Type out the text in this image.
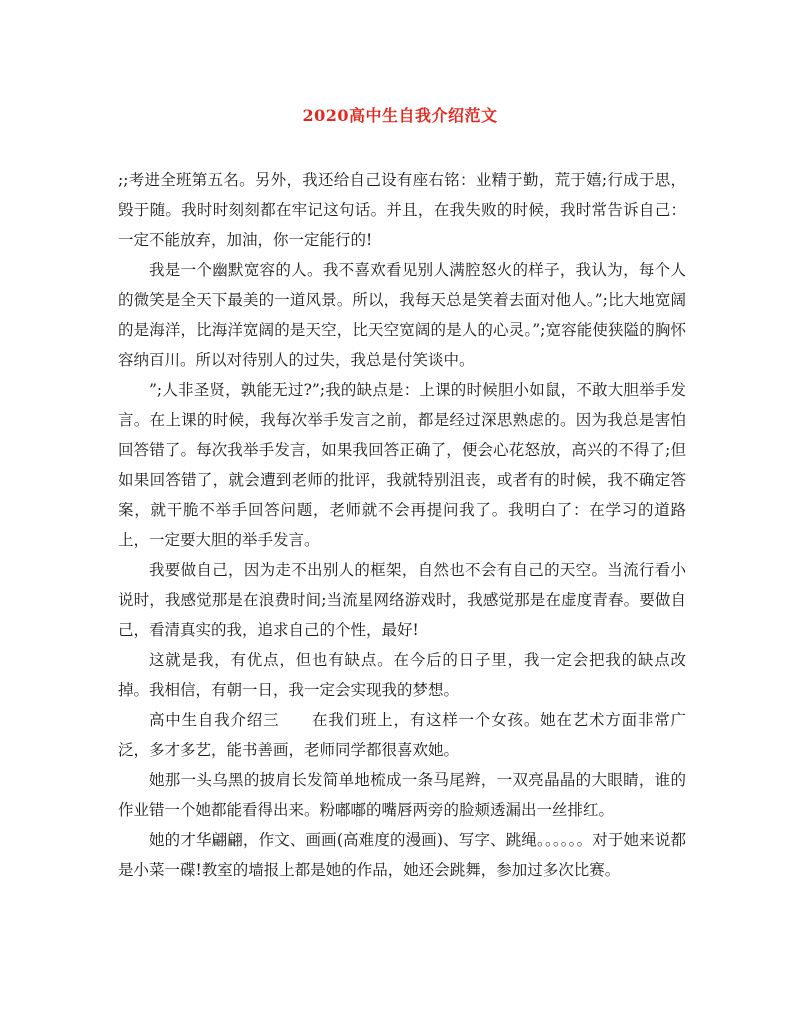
2020高中生自我介绍范文

;;考进全班第五名。另外，我还给自己设有座右铭：业精于勤，荒于嬉;行成于思，毁于随。我时时刻刻都在牢记这句话。并且，在我失败的时候，我时常告诉自己：一定不能放弃，加油，你一定能行的!

我是一个幽默宽容的人。我不喜欢看见别人满腔怒火的样子，我认为，每个人的微笑是全天下最美的一道风景。所以，我每天总是笑着去面对他人。”;比大地宽阔的是海洋，比海洋宽阔的是天空，比天空宽阔的是人的心灵。”;宽容能使狭隘的胸怀容纳百川。所以对待别人的过失，我总是付笑谈中。

”;人非圣贤，孰能无过?”;我的缺点是：上课的时候胆小如鼠，不敢大胆举手发言。在上课的时候，我每次举手发言之前，都是经过深思熟虑的。因为我总是害怕回答错了。每次我举手发言，如果我回答正确了，便会心花怒放，高兴的不得了;但如果回答错了，就会遭到老师的批评，我就特别沮丧，或者有的时候，我不确定答案，就干脆不举手回答问题，老师就不会再提问我了。我明白了：在学习的道路上，一定要大胆的举手发言。

我要做自己，因为走不出别人的框架，自然也不会有自己的天空。当流行看小说时，我感觉那是在浪费时间;当流星网络游戏时，我感觉那是在虚度青春。要做自己，看清真实的我，追求自己的个性，最好!

这就是我，有优点，但也有缺点。在今后的日子里，我一定会把我的缺点改掉。我相信，有朝一日，我一定会实现我的梦想。

高中生自我介绍三　　在我们班上，有这样一个女孩。她在艺术方面非常广泛，多才多艺，能书善画，老师同学都很喜欢她。

她那一头乌黑的披肩长发简单地梳成一条马尾辫，一双亮晶晶的大眼睛，谁的作业错一个她都能看得出来。粉嘟嘟的嘴唇两旁的脸颊透漏出一丝排红。

她的才华翩翩，作文、画画(高难度的漫画)、写字、跳绳。。。。。。对于她来说都是小菜一碟!教室的墙报上都是她的作品，她还会跳舞，参加过多次比赛。
